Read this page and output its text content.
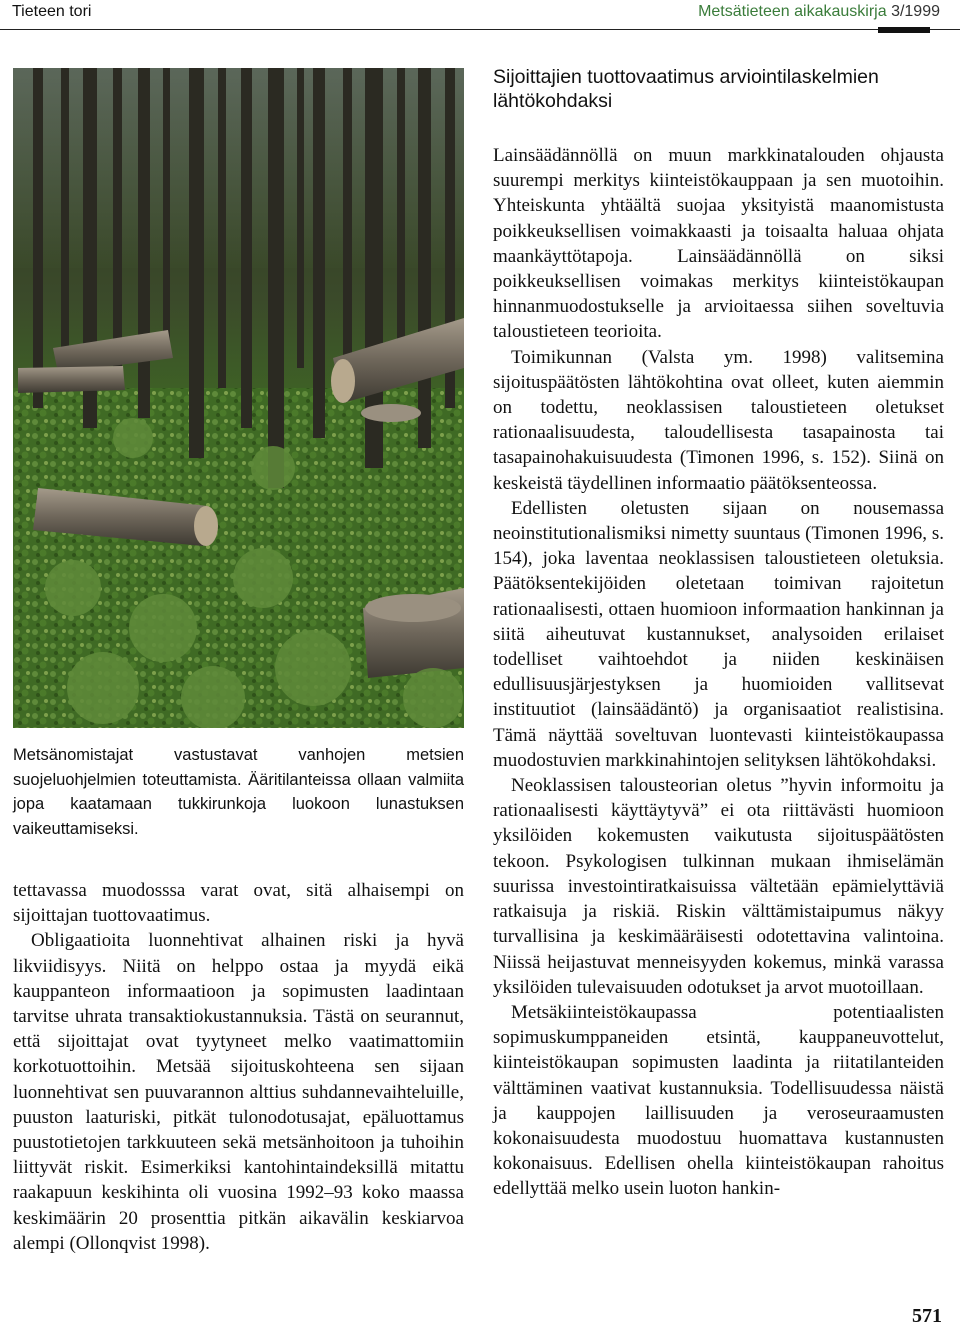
Tieteen tori	Metsätieteen aikakauskirja 3/1999
Metsänomistajat vastustavat vanhojen metsien suojeluohjelmien toteuttamista. Ääritilanteissa ollaan valmiita jopa kaatamaan tukkirunkoja luokoon lunastuksen vaikeuttamiseksi.

tettavassa muodosssa varat ovat, sitä alhaisempi on sijoittajan tuottovaatimus.

Obligaatioita luonnehtivat alhainen riski ja hyvä likviidisyys. Niitä on helppo ostaa ja myydä eikä kauppanteon informaatioon ja sopimusten laadintaan tarvitse uhrata transaktiokustannuksia. Tästä on seurannut, että sijoittajat ovat tyytyneet melko vaatimattomiin korkotuottoihin. Metsää sijoituskohteena sen sijaan luonnehtivat sen puuvarannon alttius suhdannevaihteluille, puuston laaturiski, pitkät tulonodotusajat, epäluottamus puustotietojen tarkkuuteen sekä metsänhoitoon ja tuhoihin liittyvät riskit. Esimerkiksi kantohintaindeksillä mitattu raakapuun keskihinta oli vuosina 1992–93 koko maassa keskimäärin 20 prosenttia pitkän aikavälin keskiarvoa alempi (Ollonqvist 1998).

Sijoittajien tuottovaatimus arviointilaskelmien lähtökohdaksi

Lainsäädännöllä on muun markkinatalouden ohjausta suurempi merkitys kiinteistökauppaan ja sen muotoihin. Yhteiskunta yhtäältä suojaa yksityistä maanomistusta poikkeuksellisen voimakkaasti ja toisaalta haluaa ohjata maankäyttötapoja. Lainsäädännöllä on siksi poikkeuksellisen voimakas merkitys kiinteistökaupan hinnanmuodostukselle ja arvioitaessa siihen soveltuvia taloustieteen teorioita.

Toimikunnan (Valsta ym. 1998) valitsemina sijoituspäätösten lähtökohtina ovat olleet, kuten aiemmin on todettu, neoklassisen taloustieteen oletukset rationaalisuudesta, taloudellisesta tasapainosta tai tasapainohakuisuudesta (Timonen 1996, s. 152). Siinä on keskeistä täydellinen informaatio päätöksenteossa.

Edellisten oletusten sijaan on nousemassa neoinstitutionalismiksi nimetty suuntaus (Timonen 1996, s. 154), joka laventaa neoklassisen taloustieteen oletuksia. Päätöksentekijöiden oletetaan toimivan rajoitetun rationaalisesti, ottaen huomioon informaation hankinnan ja siitä aiheutuvat kustannukset, analysoiden erilaiset todelliset vaihtoehdot ja niiden keskinäisen edullisuusjärjestyksen ja huomioiden vallitsevat instituutiot (lainsäädäntö) ja organisaatiot realistisina. Tämä näyttää soveltuvan luontevasti kiinteistökaupassa muodostuvien markkinahintojen selityksen lähtökohdaksi.

Neoklassisen talousteorian oletus ”hyvin informoitu ja rationaalisesti käyttäytyvä” ei ota riittävästi huomioon yksilöiden kokemusten vaikutusta sijoituspäätösten tekoon. Psykologisen tulkinnan mukaan ihmiselämän suurissa investointiratkaisuissa vältetään epämielyttäviä ratkaisuja ja riskiä. Riskin välttämistaipumus näkyy turvallisina ja keskimääräisesti odotettavina valintoina. Niissä heijastuvat menneisyyden kokemus, minkä varassa yksilöiden tulevaisuuden odotukset ja arvot muotoillaan.

Metsäkiinteistökaupassa potentiaalisten sopimuskumppaneiden etsintä, kauppaneuvottelut, kiinteistökaupan sopimusten laadinta ja riitatilanteiden välttäminen vaativat kustannuksia. Todellisuudessa näistä ja kauppojen laillisuuden ja veroseuraamusten kokonaisuudesta muodostuu huomattava kustannusten kokonaisuus. Edellisen ohella kiinteistökaupan rahoitus edellyttää melko usein luoton hankin-

571
